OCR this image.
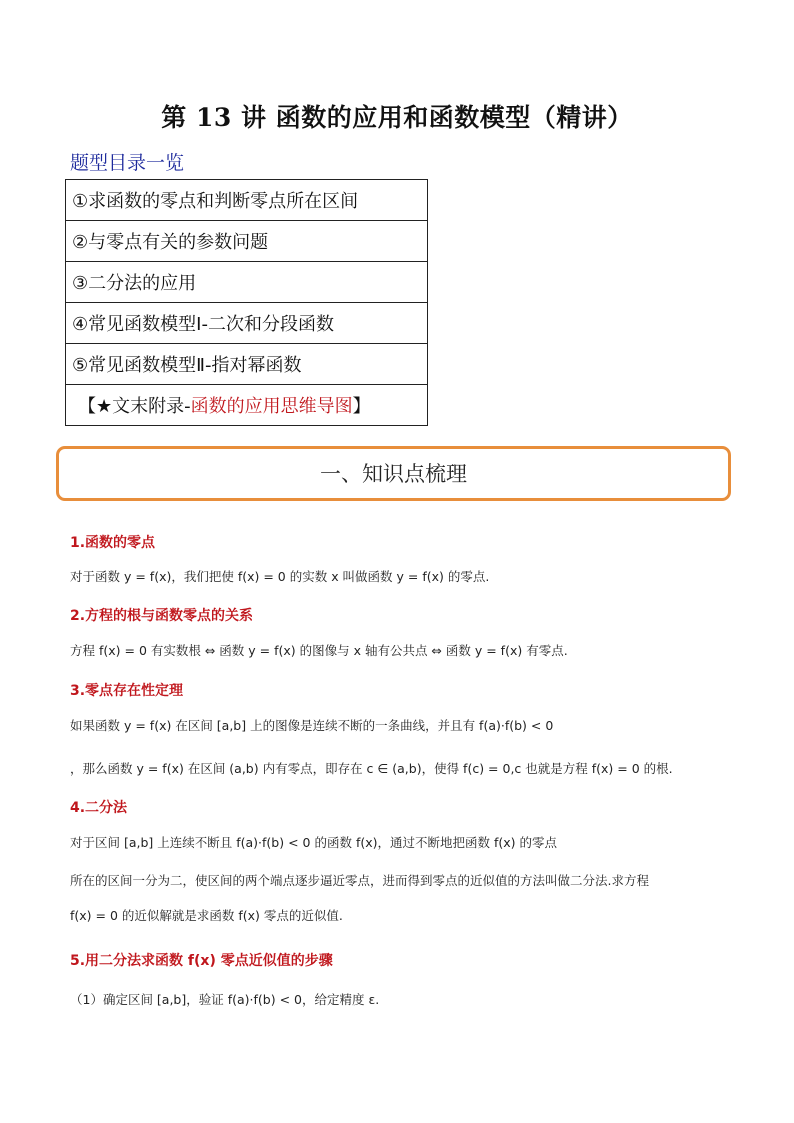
第 13 讲 函数的应用和函数模型（精讲）
题型目录一览
①求函数的零点和判断零点所在区间
②与零点有关的参数问题
③二分法的应用
④常见函数模型Ⅰ-二次和分段函数
⑤常见函数模型Ⅱ-指对幂函数
【★文末附录-函数的应用思维导图】
一、知识点梳理
1.函数的零点
对于函数 y = f(x)，我们把使 f(x) = 0 的实数 x 叫做函数 y = f(x) 的零点.
2.方程的根与函数零点的关系
方程 f(x) = 0 有实数根 ⇔ 函数 y = f(x) 的图像与 x 轴有公共点 ⇔ 函数 y = f(x) 有零点.
3.零点存在性定理
如果函数 y = f(x) 在区间 [a,b] 上的图像是连续不断的一条曲线，并且有 f(a)·f(b) < 0
，那么函数 y = f(x) 在区间 (a,b) 内有零点，即存在 c ∈ (a,b)，使得 f(c) = 0,c 也就是方程 f(x) = 0 的根.
4.二分法
对于区间 [a,b] 上连续不断且 f(a)·f(b) < 0 的函数 f(x)，通过不断地把函数 f(x) 的零点
所在的区间一分为二，使区间的两个端点逐步逼近零点，进而得到零点的近似值的方法叫做二分法.求方程
f(x) = 0 的近似解就是求函数 f(x) 零点的近似值.
5.用二分法求函数 f(x) 零点近似值的步骤
（1）确定区间 [a,b]，验证 f(a)·f(b) < 0，给定精度 ε.
